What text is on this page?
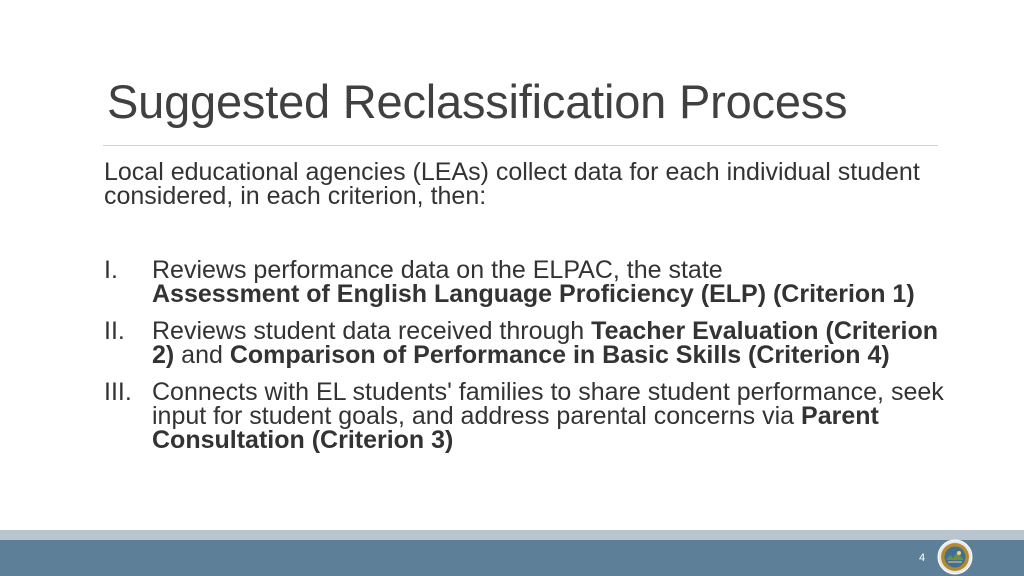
Suggested Reclassification Process

Local educational agencies (LEAs) collect data for each individual student considered, in each criterion, then:

I. Reviews performance data on the ELPAC, the state
Assessment of English Language Proficiency (ELP) (Criterion 1)
II. Reviews student data received through Teacher Evaluation (Criterion 2) and Comparison of Performance in Basic Skills (Criterion 4)
III. Connects with EL students' families to share student performance, seek input for student goals, and address parental concerns via Parent Consultation (Criterion 3)
4
